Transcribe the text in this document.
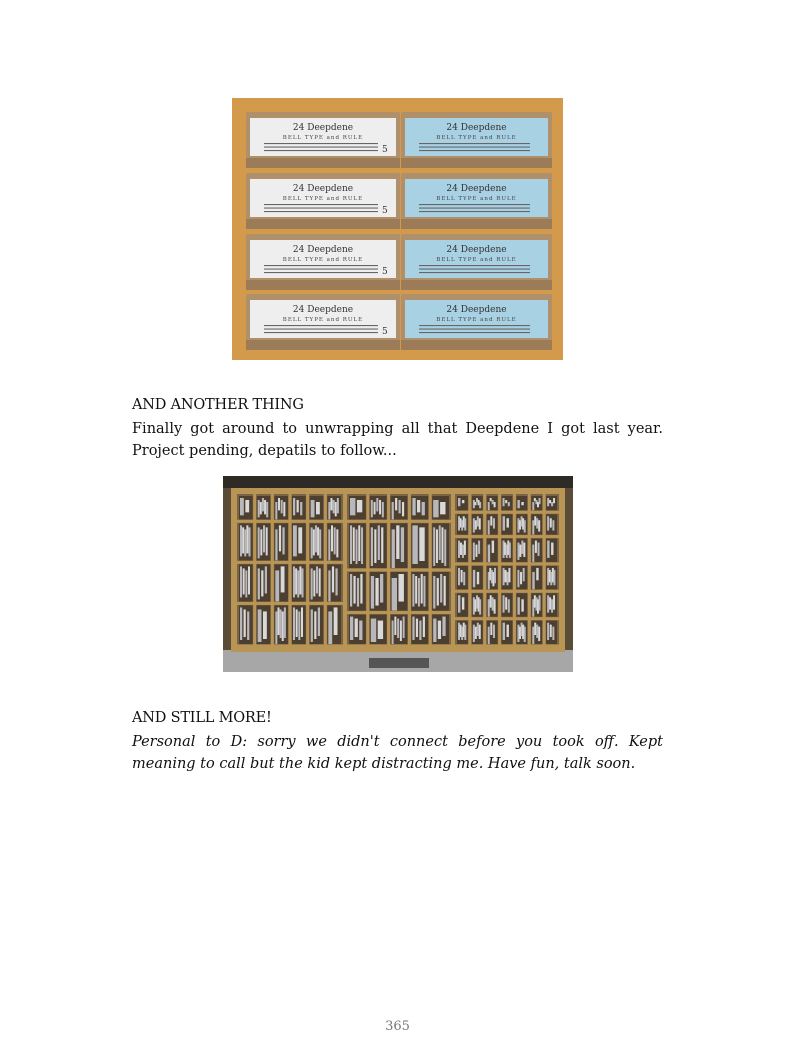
24 Deepdene
BELL TYPE and RULE
5
24 Deepdene
BELL TYPE and RULE
5
24 Deepdene
BELL TYPE and RULE
5
24 Deepdene
BELL TYPE and RULE
5
24 Deepdene
BELL TYPE and RULE
24 Deepdene
BELL TYPE and RULE
24 Deepdene
BELL TYPE and RULE
24 Deepdene
BELL TYPE and RULE
AND ANOTHER THING
Finally got around to unwrapping all that Deepdene I got last year. Project pending, depatils to follow...
AND STILL MORE!
Personal to D: sorry we didn't connect before you took off. Kept meaning to call but the kid kept distracting me. Have fun, talk soon.
365
